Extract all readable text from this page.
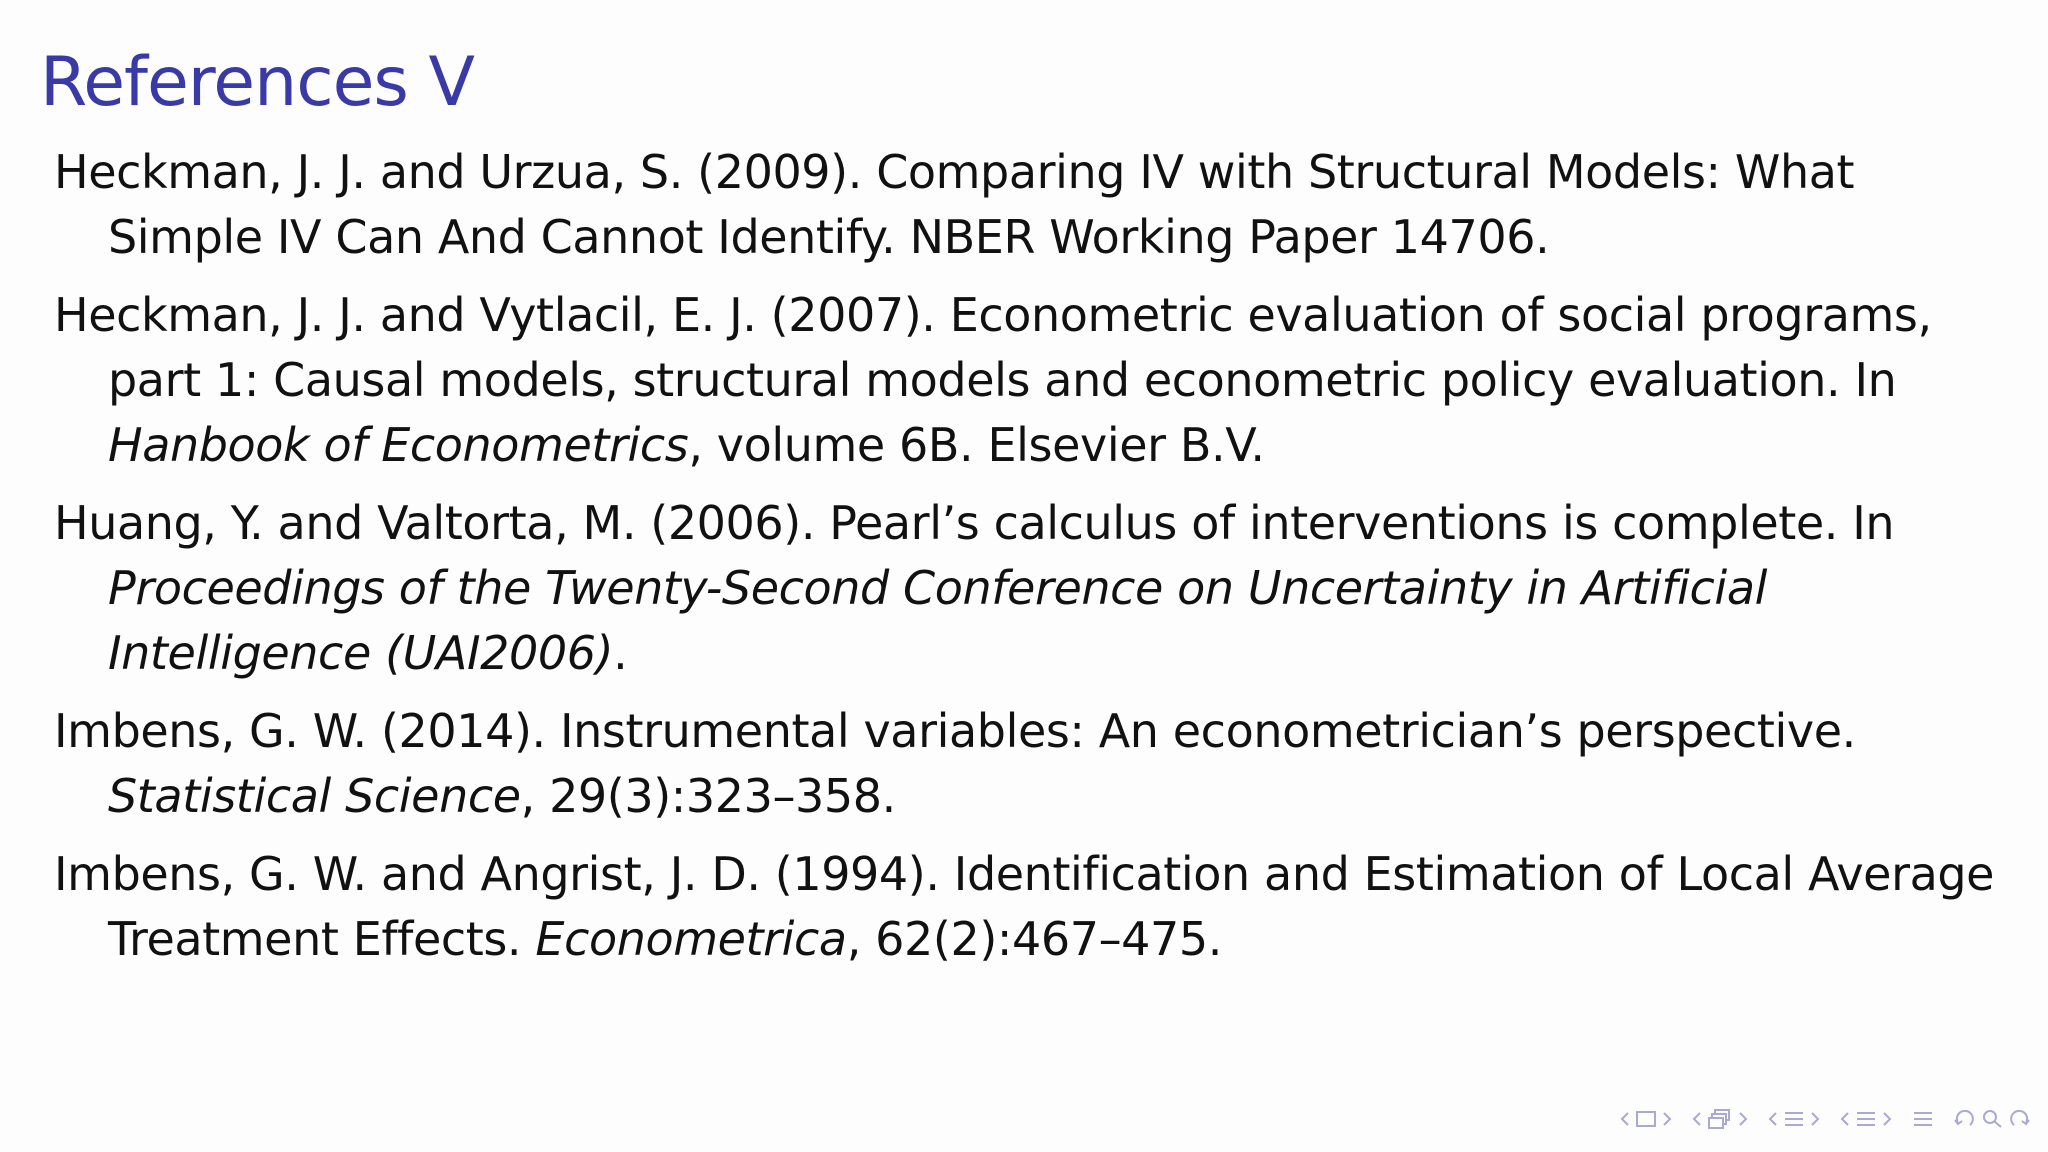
References V
Heckman, J. J. and Urzua, S. (2009). Comparing IV with Structural Models: What Simple IV Can And Cannot Identify. NBER Working Paper 14706.
Heckman, J. J. and Vytlacil, E. J. (2007). Econometric evaluation of social programs, part 1: Causal models, structural models and econometric policy evaluation. In Hanbook of Econometrics, volume 6B. Elsevier B.V.
Huang, Y. and Valtorta, M. (2006). Pearl’s calculus of interventions is complete. In Proceedings of the Twenty-Second Conference on Uncertainty in Artificial Intelligence (UAI2006).
Imbens, G. W. (2014). Instrumental variables: An econometrician’s perspective. Statistical Science, 29(3):323–358.
Imbens, G. W. and Angrist, J. D. (1994). Identification and Estimation of Local Average Treatment Effects. Econometrica, 62(2):467–475.
